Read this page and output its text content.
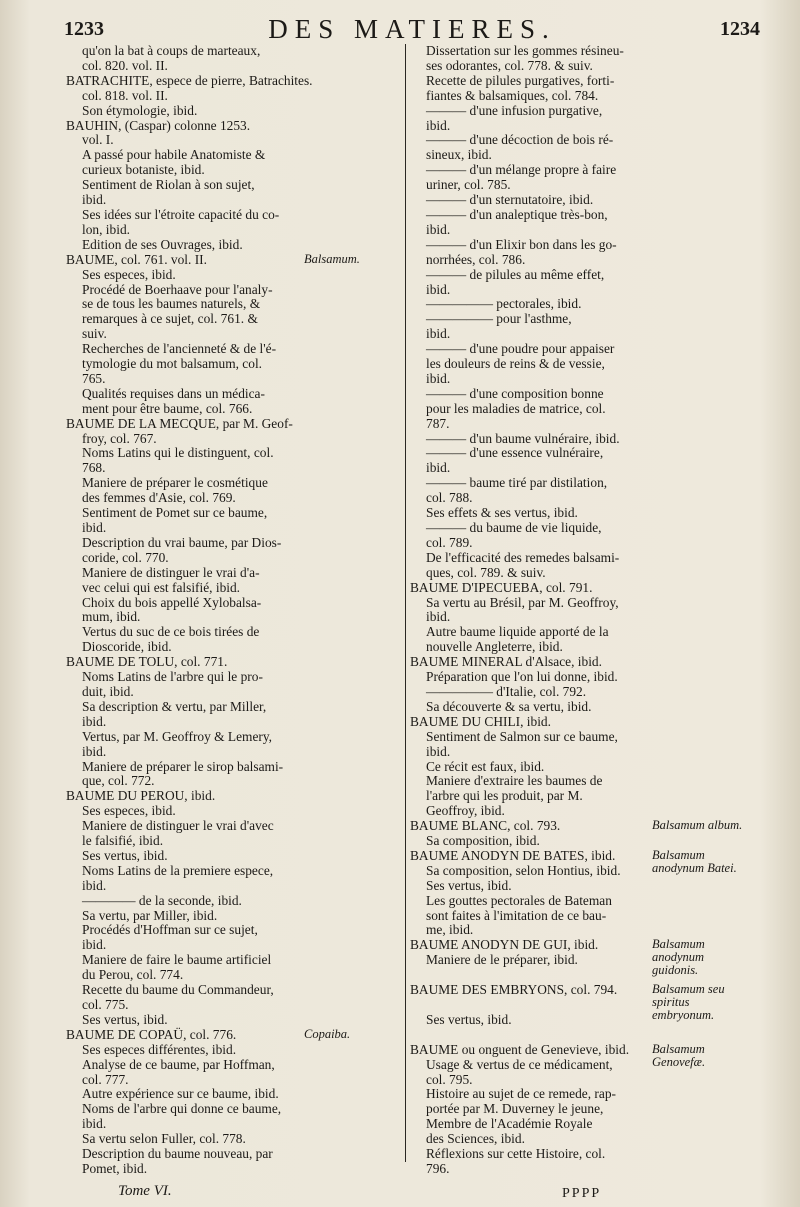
1233	DES MATIERES.	1234
qu'on la bat à coups de marteaux,
col. 820. vol. II.
BATRACHITE, espece de pierre, Batrachites.
col. 818. vol. II.
Son étymologie, ibid.
BAUHIN, (Caspar) colonne 1253.
vol. I.
A passé pour habile Anatomiste &
curieux botaniste, ibid.
Sentiment de Riolan à son sujet,
ibid.
Ses idées sur l'étroite capacité du co-
lon, ibid.
Edition de ses Ouvrages, ibid.
BAUME, col. 761. vol. II.	Balsamum.
Ses especes, ibid.
Procédé de Boerhaave pour l'analy-
se de tous les baumes naturels, &
remarques à ce sujet, col. 761. &
suiv.
Recherches de l'ancienneté & de l'é-
tymologie du mot balsamum, col.
765.
Qualités requises dans un médica-
ment pour être baume, col. 766.
BAUME DE LA MECQUE, par M. Geof-
froy, col. 767.
Noms Latins qui le distinguent, col.
768.
Maniere de préparer le cosmétique
des femmes d'Asie, col. 769.
Sentiment de Pomet sur ce baume,
ibid.
Description du vrai baume, par Dios-
coride, col. 770.
Maniere de distinguer le vrai d'a-
vec celui qui est falsifié, ibid.
Choix du bois appellé Xylobalsa-
mum, ibid.
Vertus du suc de ce bois tirées de
Dioscoride, ibid.
BAUME DE TOLU, col. 771.
Noms Latins de l'arbre qui le pro-
duit, ibid.
Sa description & vertu, par Miller,
ibid.
Vertus, par M. Geoffroy & Lemery,
ibid.
Maniere de préparer le sirop balsami-
que, col. 772.
BAUME DU PEROU, ibid.
Ses especes, ibid.
Maniere de distinguer le vrai d'avec
le falsifié, ibid.
Ses vertus, ibid.
Noms Latins de la premiere espece,
ibid.
———— de la seconde, ibid.
Sa vertu, par Miller, ibid.
Procédés d'Hoffman sur ce sujet,
ibid.
Maniere de faire le baume artificiel
du Perou, col. 774.
Recette du baume du Commandeur,
col. 775.
Ses vertus, ibid.
BAUME DE COPAÜ, col. 776.	Copaiba.
Ses especes différentes, ibid.
Analyse de ce baume, par Hoffman,
col. 777.
Autre expérience sur ce baume, ibid.
Noms de l'arbre qui donne ce baume,
ibid.
Sa vertu selon Fuller, col. 778.
Description du baume nouveau, par
Pomet, ibid.
Dissertation sur les gommes résineu-
ses odorantes, col. 778. & suiv.
Recette de pilules purgatives, forti-
fiantes & balsamiques, col. 784.
——— d'une infusion purgative,
ibid.
——— d'une décoction de bois ré-
sineux, ibid.
——— d'un mélange propre à faire
uriner, col. 785.
——— d'un sternutatoire, ibid.
——— d'un analeptique très-bon,
ibid.
——— d'un Elixir bon dans les go-
norrhées, col. 786.
——— de pilules au même effet,
ibid.
————— pectorales, ibid.
————— pour l'asthme,
ibid.
——— d'une poudre pour appaiser
les douleurs de reins & de vessie,
ibid.
——— d'une composition bonne
pour les maladies de matrice, col.
787.
——— d'un baume vulnéraire, ibid.
——— d'une essence vulnéraire,
ibid.
——— baume tiré par distilation,
col. 788.
Ses effets & ses vertus, ibid.
——— du baume de vie liquide,
col. 789.
De l'efficacité des remedes balsami-
ques, col. 789. & suiv.
BAUME D'IPECUEBA, col. 791.
Sa vertu au Brésil, par M. Geoffroy,
ibid.
Autre baume liquide apporté de la
nouvelle Angleterre, ibid.
BAUME MINERAL d'Alsace, ibid.
Préparation que l'on lui donne, ibid.
————— d'Italie, col. 792.
Sa découverte & sa vertu, ibid.
BAUME DU CHILI, ibid.
Sentiment de Salmon sur ce baume,
ibid.
Ce récit est faux, ibid.
Maniere d'extraire les baumes de
l'arbre qui les produit, par M.
Geoffroy, ibid.
BAUME BLANC, col. 793.	Balsamum album.
Sa composition, ibid.
BAUME ANODYN DE BATES, ibid.	Balsamum anodynum Batei.
Sa composition, selon Hontius, ibid.
Ses vertus, ibid.
Les gouttes pectorales de Bateman
sont faites à l'imitation de ce bau-
me, ibid.
BAUME ANODYN DE GUI, ibid.	Balsamum anodynum guidonis.
Maniere de le préparer, ibid.

BAUME DES EMBRYONS, col. 794.	Balsamum seu spiritus embryonum.

Ses vertus, ibid.

BAUME ou onguent de Genevieve, ibid. Balsamum Genovefæ.
Usage & vertus de ce médicament,
col. 795.
Histoire au sujet de ce remede, rap-
portée par M. Duverney le jeune,
Membre de l'Académie Royale
des Sciences, ibid.
Réflexions sur cette Histoire, col.
796.
Tome VI.	PPPP
